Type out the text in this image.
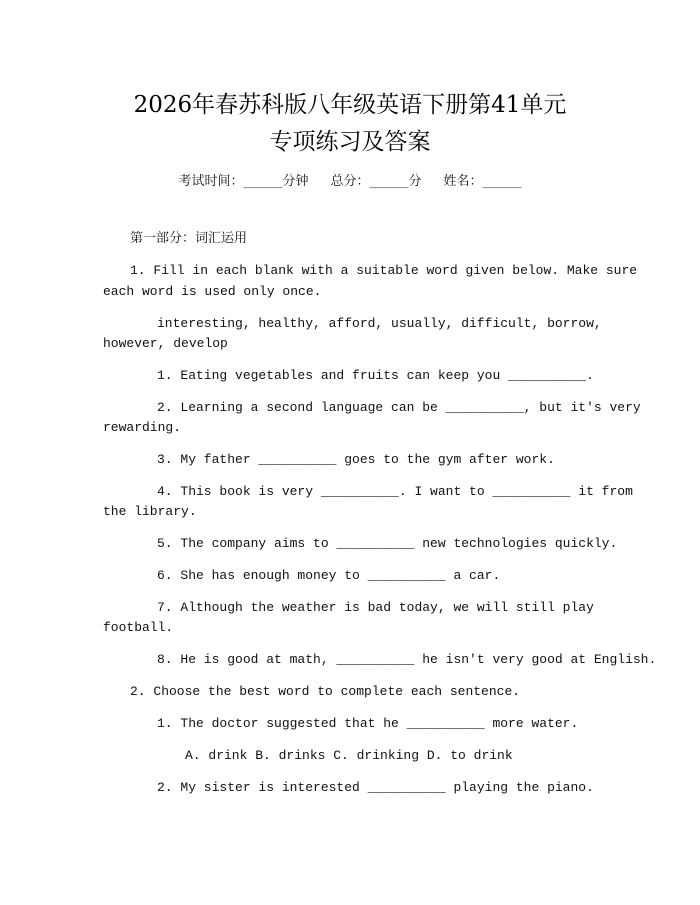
2026年春苏科版八年级英语下册第41单元
专项练习及答案
考试时间：______分钟 总分：______分 姓名：______
第一部分：词汇运用
1. Fill in each blank with a suitable word given below. Make sure
each word is used only once.
interesting, healthy, afford, usually, difficult, borrow,
however, develop
1. Eating vegetables and fruits can keep you __________.
2. Learning a second language can be __________, but it's very
rewarding.
3. My father __________ goes to the gym after work.
4. This book is very __________. I want to __________ it from
the library.
5. The company aims to __________ new technologies quickly.
6. She has enough money to __________ a car.
7. Although the weather is bad today, we will still play
football.
8. He is good at math, __________ he isn't very good at English.
2. Choose the best word to complete each sentence.
1. The doctor suggested that he __________ more water.
A. drink B. drinks C. drinking D. to drink
2. My sister is interested __________ playing the piano.
